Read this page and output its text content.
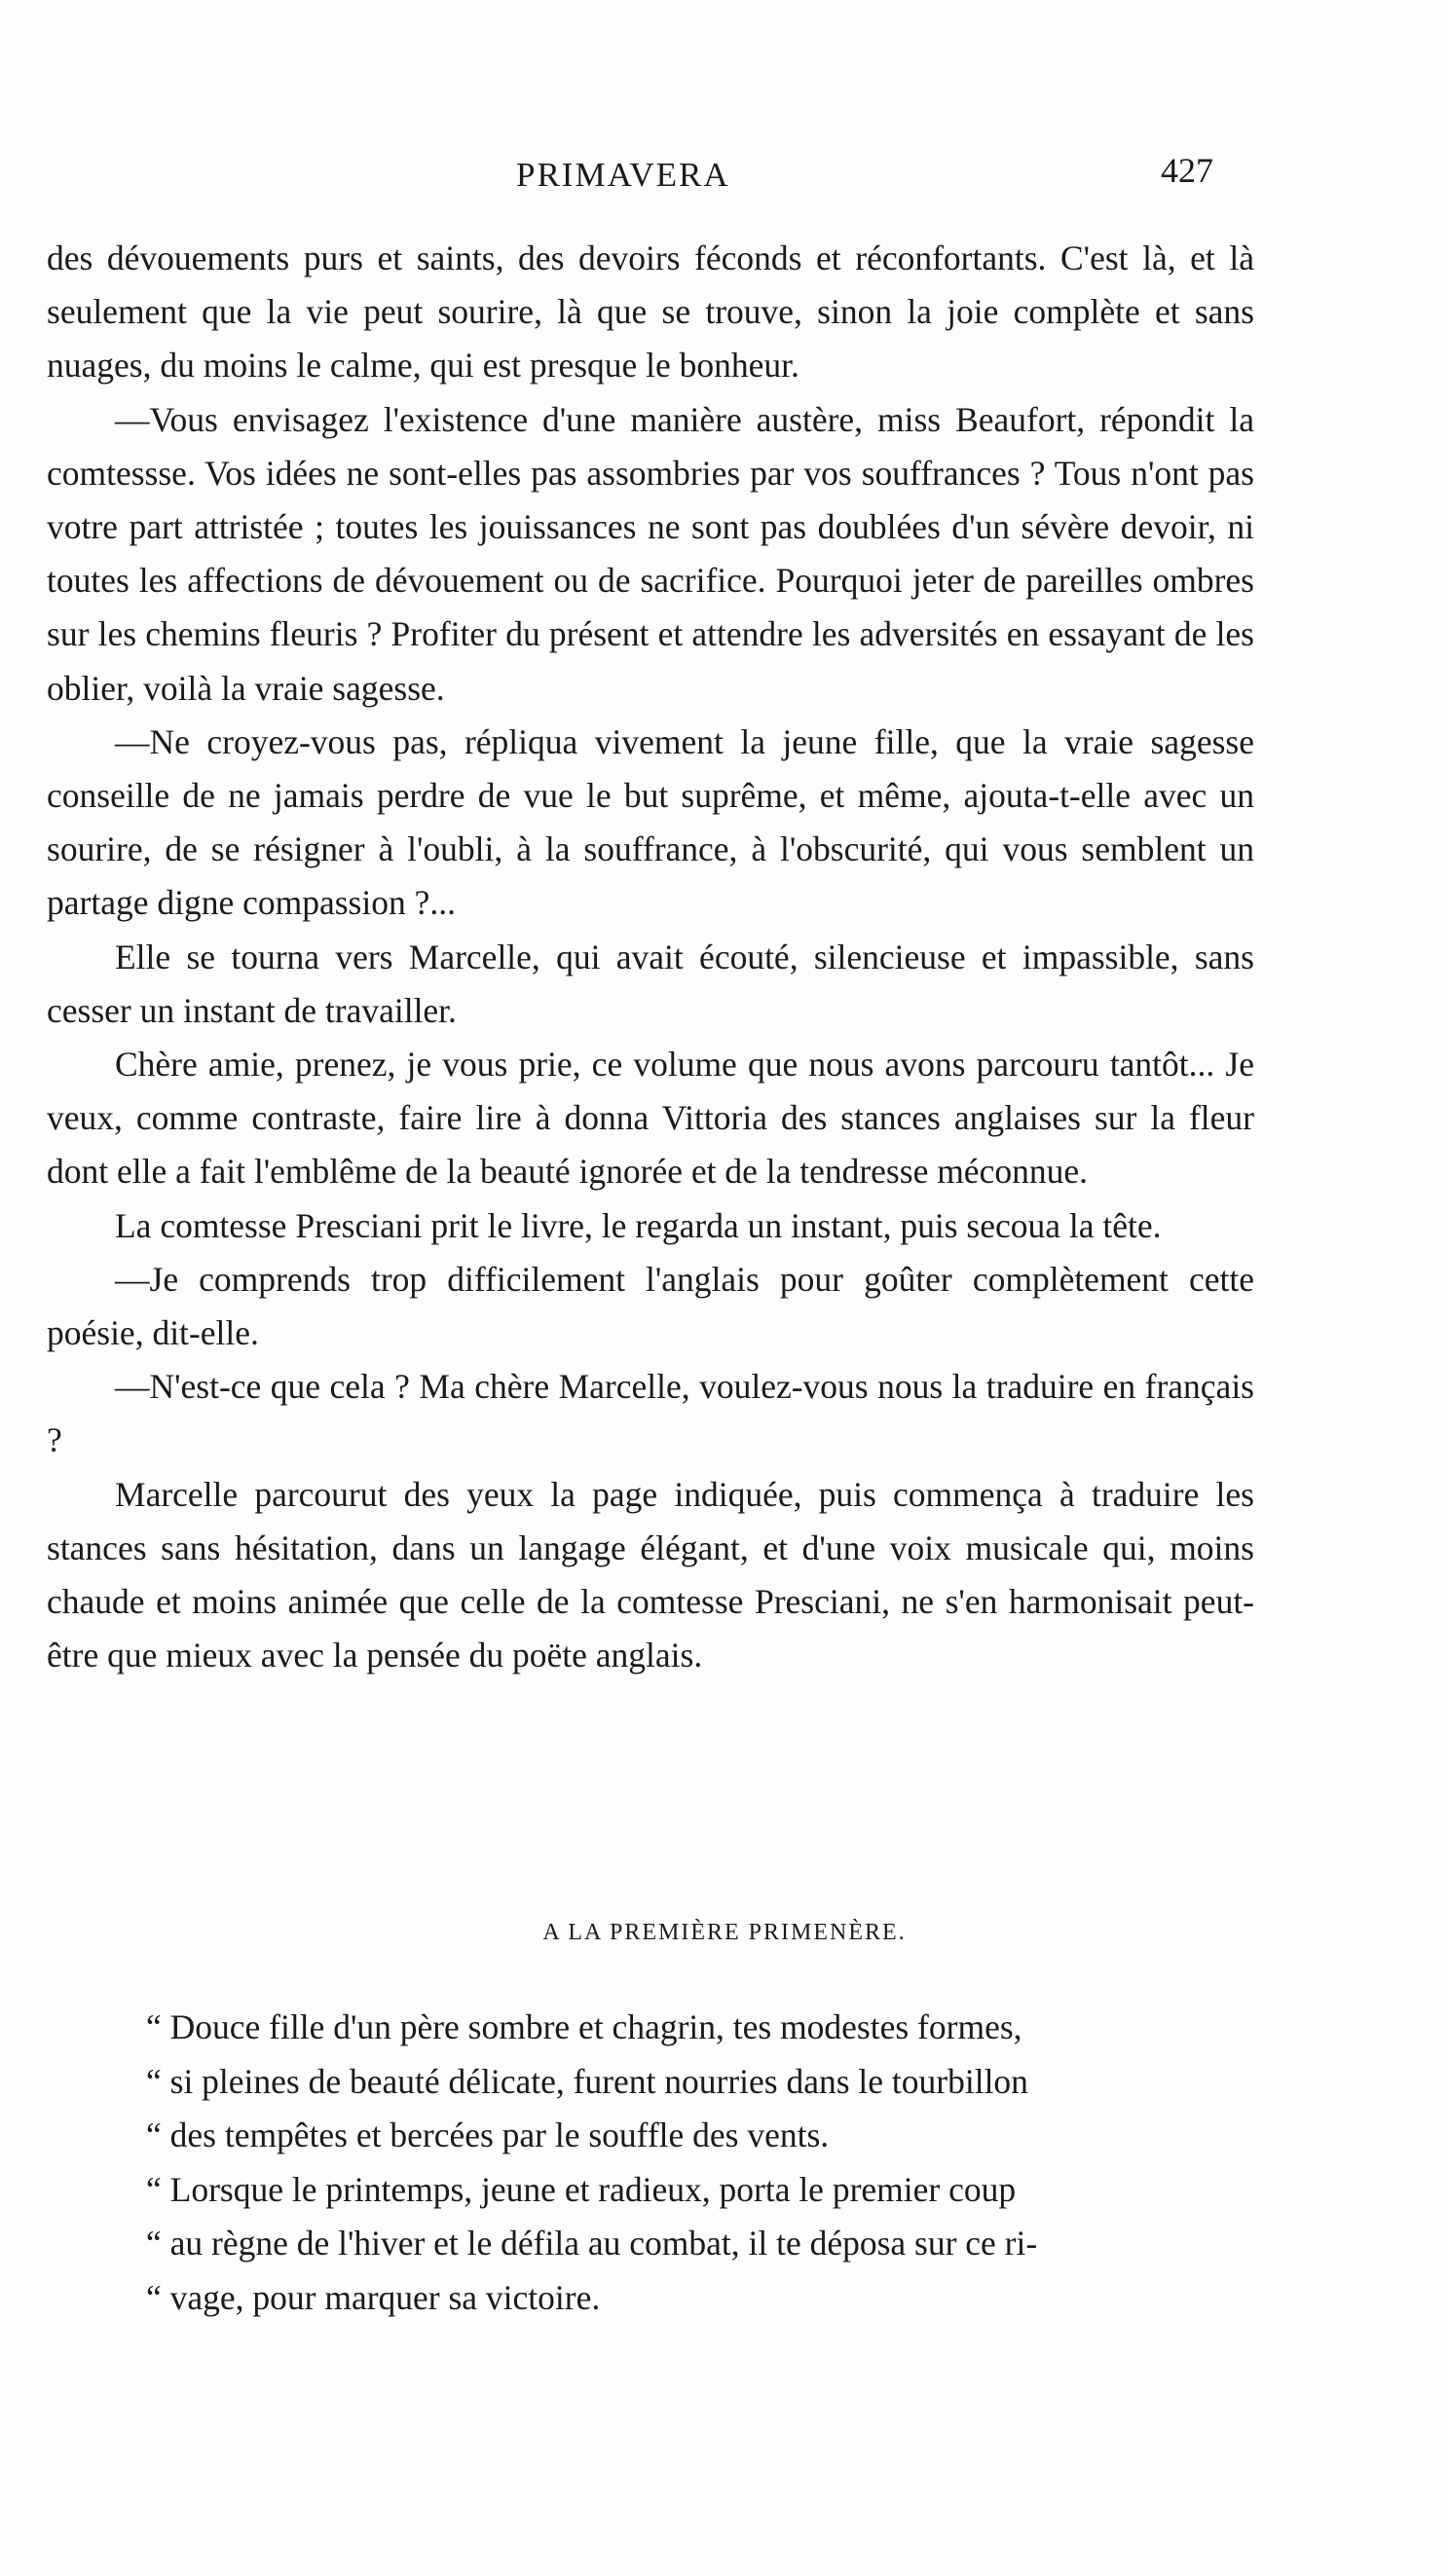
PRIMAVERA	427

des dévouements purs et saints, des devoirs féconds et réconfortants. C'est là, et là seulement que la vie peut sourire, là que se trouve, sinon la joie complète et sans nuages, du moins le calme, qui est presque le bonheur.

—Vous envisagez l'existence d'une manière austère, miss Beaufort, répondit la comtessse. Vos idées ne sont-elles pas assombries par vos souffrances ? Tous n'ont pas votre part attristée ; toutes les jouissances ne sont pas doublées d'un sévère devoir, ni toutes les affections de dévouement ou de sacrifice. Pourquoi jeter de pareilles ombres sur les chemins fleuris ? Profiter du présent et attendre les adversités en essayant de les oblier, voilà la vraie sagesse.

—Ne croyez-vous pas, répliqua vivement la jeune fille, que la vraie sagesse conseille de ne jamais perdre de vue le but suprême, et même, ajouta-t-elle avec un sourire, de se résigner à l'oubli, à la souffrance, à l'obscurité, qui vous semblent un partage digne compassion ?...

Elle se tourna vers Marcelle, qui avait écouté, silencieuse et impassible, sans cesser un instant de travailler.

Chère amie, prenez, je vous prie, ce volume que nous avons parcouru tantôt... Je veux, comme contraste, faire lire à donna Vittoria des stances anglaises sur la fleur dont elle a fait l'emblême de la beauté ignorée et de la tendresse méconnue.

La comtesse Presciani prit le livre, le regarda un instant, puis secoua la tête.

—Je comprends trop difficilement l'anglais pour goûter complètement cette poésie, dit-elle.

—N'est-ce que cela ? Ma chère Marcelle, voulez-vous nous la traduire en français ?

Marcelle parcourut des yeux la page indiquée, puis commença à traduire les stances sans hésitation, dans un langage élégant, et d'une voix musicale qui, moins chaude et moins animée que celle de la comtesse Presciani, ne s'en harmonisait peut-être que mieux avec la pensée du poëte anglais.

A LA PREMIÈRE PRIMENÈRE.

“ Douce fille d'un père sombre et chagrin, tes modestes formes,

“ si pleines de beauté délicate, furent nourries dans le tourbillon

“ des tempêtes et bercées par le souffle des vents.

“ Lorsque le printemps, jeune et radieux, porta le premier coup

“ au règne de l'hiver et le défila au combat, il te déposa sur ce ri-

“ vage, pour marquer sa victoire.
